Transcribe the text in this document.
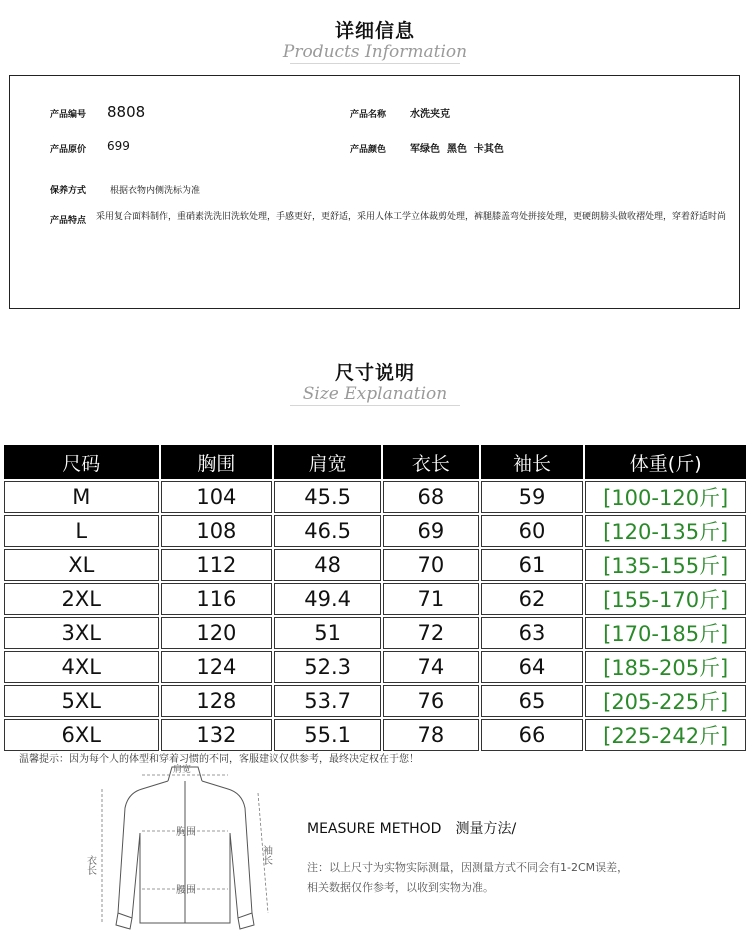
详细信息
Products Information
产品编号 8808	产品名称 水洗夹克
产品原价 699	产品颜色 军绿色  黑色  卡其色
保养方式	根据衣物内侧洗标为准
产品特点 采用复合面料制作，重硝素洗洗旧洗软处理，手感更好，更舒适，采用人体工学立体裁剪处理，裤腿膝盖弯处拼接处理，更硬朗膀头做收褶处理，穿着舒适时尚
尺寸说明
Size Explanation
尺码	胸围	肩宽	衣长	袖长	体重(斤)
M	104	45.5	68	59	[100-120斤]
L	108	46.5	69	60	[120-135斤]
XL	112	48	70	61	[135-155斤]
2XL	116	49.4	71	62	[155-170斤]
3XL	120	51	72	63	[170-185斤]
4XL	124	52.3	74	64	[185-205斤]
5XL	128	53.7	76	65	[205-225斤]
6XL	132	55.1	78	66	[225-242斤]
温馨提示：因为每个人的体型和穿着习惯的不同，客服建议仅供参考，最终决定权在于您！
肩宽
胸围
腰围
衣长	袖长
MEASURE METHOD 测量方法/
注：以上尺寸为实物实际测量，因测量方式不同会有1-2CM误差，
相关数据仅作参考，以收到实物为准。
